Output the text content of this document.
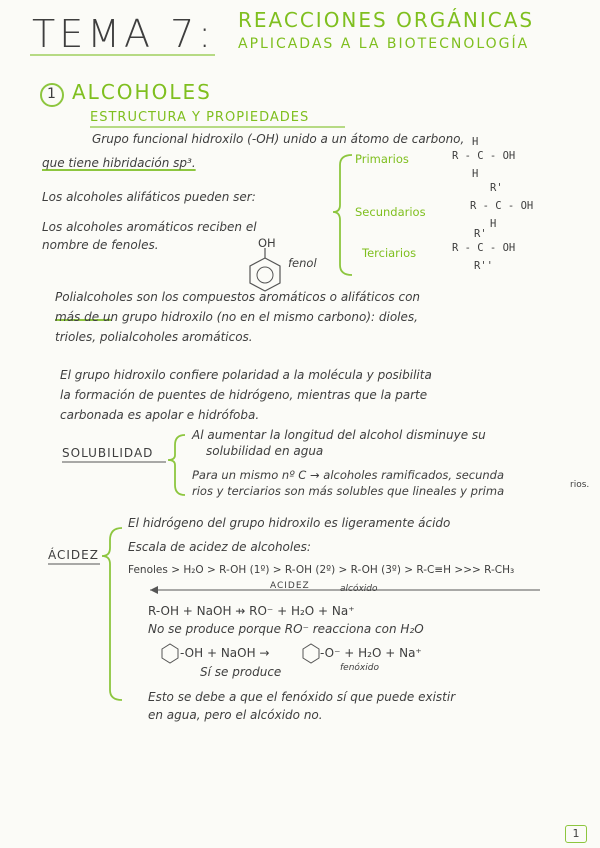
TEMA 7: REACCIONES ORGÁNICAS
APLICADAS A LA BIOTECNOLOGÍA
1 ALCOHOLES
ESTRUCTURA Y PROPIEDADES
Grupo funcional hidroxilo (-OH) unido a un átomo de carbono,
que tiene hibridación sp³.
Los alcoholes alifáticos pueden ser:
Los alcoholes aromáticos reciben el
nombre de fenoles.	OH
fenol
Primarios
H
R - C - OH
H
Secundarios
R'
R - C - OH
H
Terciarios
R'
R - C - OH
R''
Polialcoholes son los compuestos aromáticos o alifáticos con
más de un grupo hidroxilo (no en el mismo carbono): dioles,
trioles, polialcoholes aromáticos.
El grupo hidroxilo confiere polaridad a la molécula y posibilita
la formación de puentes de hidrógeno, mientras que la parte
carbonada es apolar e hidrófoba.
SOLUBILIDAD
Al aumentar la longitud del alcohol disminuye su
solubilidad en agua
Para un mismo nº C → alcoholes ramificados, secunda
rios y terciarios son más solubles que lineales y prima	rios.
ÁCIDEZ
El hidrógeno del grupo hidroxilo es ligeramente ácido
Escala de acidez de alcoholes:
Fenoles > H₂O > R-OH (1º) > R-OH (2º) > R-OH (3º) > R-C≡H >>> R-CH₃
ACIDEZ	alcóxido
R-OH + NaOH ⇸ RO⁻ + H₂O + Na⁺
No se produce porque RO⁻ reacciona con H₂O
-OH + NaOH →	-O⁻ + H₂O + Na⁺
fenóxido
Sí se produce
Esto se debe a que el fenóxido sí que puede existir
en agua, pero el alcóxido no.
1
